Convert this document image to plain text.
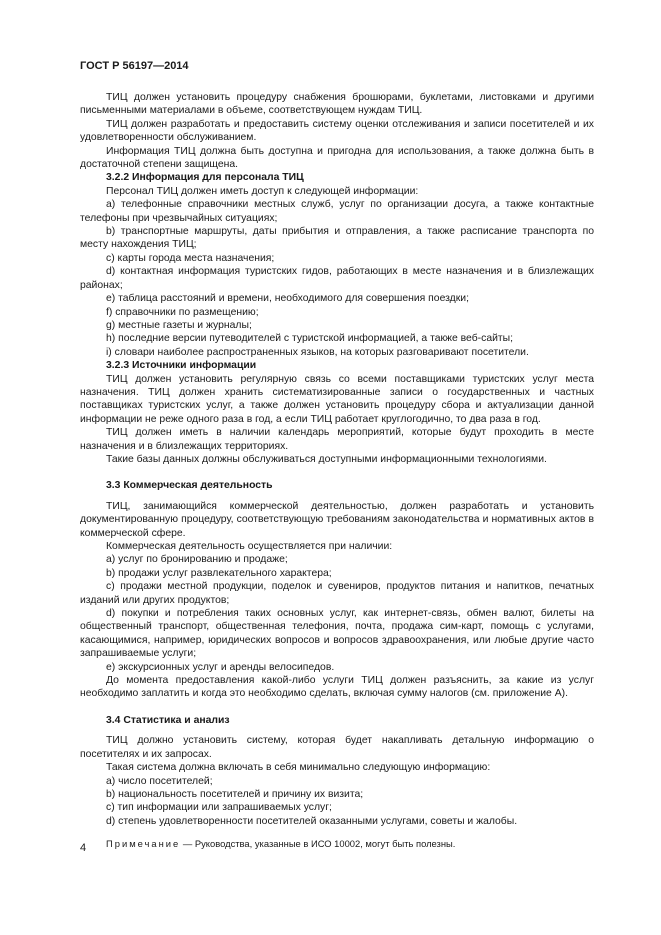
ГОСТ Р 56197—2014

ТИЦ должен установить процедуру снабжения брошюрами, буклетами, листовками и другими письменными материалами в объеме, соответствующем нуждам ТИЦ.

ТИЦ должен разработать и предоставить систему оценки отслеживания и записи посетителей и их удовлетворенности обслуживанием.

Информация ТИЦ должна быть доступна и пригодна для использования, а также должна быть в достаточной степени защищена.

3.2.2 Информация для персонала ТИЦ

Персонал ТИЦ должен иметь доступ к следующей информации:

a) телефонные справочники местных служб, услуг по организации досуга, а также контактные телефоны при чрезвычайных ситуациях;

b) транспортные маршруты, даты прибытия и отправления, а также расписание транспорта по месту нахождения ТИЦ;

c) карты города места назначения;

d) контактная информация туристских гидов, работающих в месте назначения и в близлежащих районах;

e) таблица расстояний и времени, необходимого для совершения поездки;

f) справочники по размещению;

g) местные газеты и журналы;

h) последние версии путеводителей с туристской информацией, а также веб-сайты;

i) словари наиболее распространенных языков, на которых разговаривают посетители.

3.2.3 Источники информации

ТИЦ должен установить регулярную связь со всеми поставщиками туристских услуг места назначения. ТИЦ должен хранить систематизированные записи о государственных и частных поставщиках туристских услуг, а также должен установить процедуру сбора и актуализации данной информации не реже одного раза в год, а если ТИЦ работает круглогодично, то два раза в год.

ТИЦ должен иметь в наличии календарь мероприятий, которые будут проходить в месте назначения и в близлежащих территориях.

Такие базы данных должны обслуживаться доступными информационными технологиями.

3.3 Коммерческая деятельность

ТИЦ, занимающийся коммерческой деятельностью, должен разработать и установить документированную процедуру, соответствующую требованиям законодательства и нормативных актов в коммерческой сфере.

Коммерческая деятельность осуществляется при наличии:

a) услуг по бронированию и продаже;

b) продажи услуг развлекательного характера;

c) продажи местной продукции, поделок и сувениров, продуктов питания и напитков, печатных изданий или других продуктов;

d) покупки и потребления таких основных услуг, как интернет-связь, обмен валют, билеты на общественный транспорт, общественная телефония, почта, продажа сим-карт, помощь с услугами, касающимися, например, юридических вопросов и вопросов здравоохранения, или любые другие часто запрашиваемые услуги;

e) экскурсионных услуг и аренды велосипедов.

До момента предоставления какой-либо услуги ТИЦ должен разъяснить, за какие из услуг необходимо заплатить и когда это необходимо сделать, включая сумму налогов (см. приложение А).

3.4 Статистика и анализ

ТИЦ должно установить систему, которая будет накапливать детальную информацию о посетителях и их запросах.

Такая система должна включать в себя минимально следующую информацию:

a) число посетителей;

b) национальность посетителей и причину их визита;

c) тип информации или запрашиваемых услуг;

d) степень удовлетворенности посетителей оказанными услугами, советы и жалобы.

Примечание — Руководства, указанные в ИСО 10002, могут быть полезны.

4
